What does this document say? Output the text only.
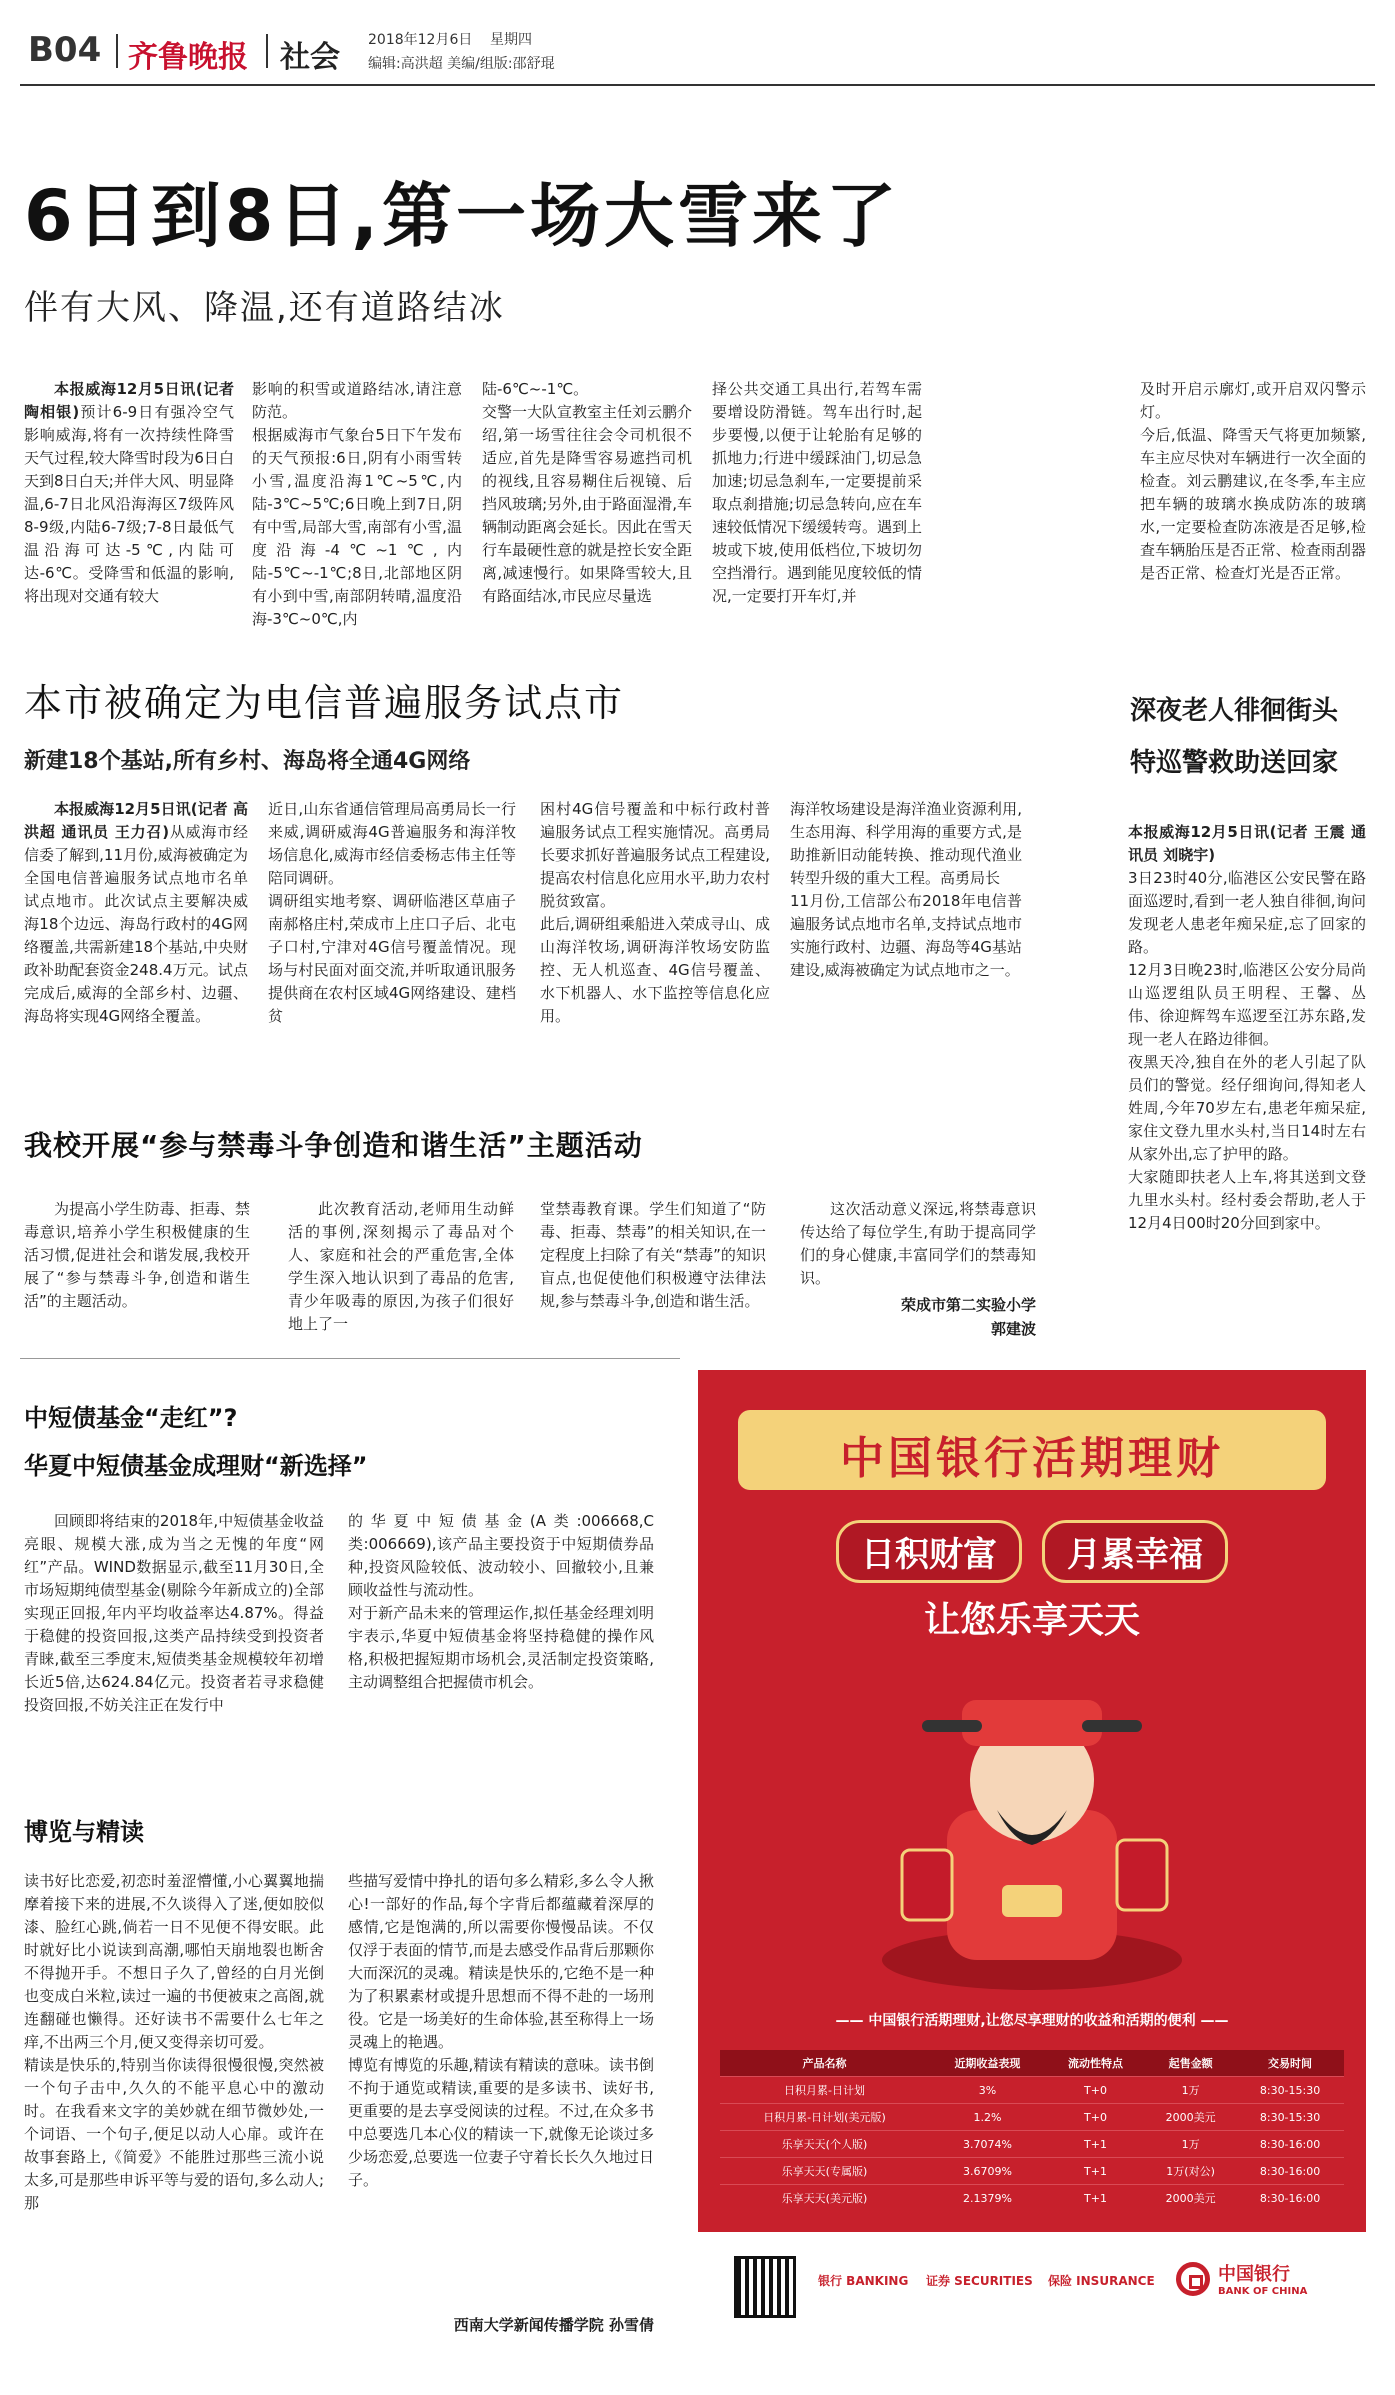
B04 齐鲁晚报 社会 2018年12月6日 星期四
编辑:高洪超 美编/组版:邵舒琨
6日到8日,第一场大雪来了
伴有大风、降温,还有道路结冰

本报威海12月5日讯(记者 陶相银)预计6-9日有强冷空气影响威海,将有一次持续性降雪天气过程,较大降雪时段为6日白天到8日白天;并伴大风、明显降温,6-7日北风沿海海区7级阵风8-9级,内陆6-7级;7-8日最低气温沿海可达-5℃,内陆可达-6℃。受降雪和低温的影响,将出现对交通有较大

影响的积雪或道路结冰,请注意防范。
根据威海市气象台5日下午发布的天气预报:6日,阴有小雨雪转小雪,温度沿海1℃~5℃,内陆-3℃~5℃;6日晚上到7日,阴有中雪,局部大雪,南部有小雪,温度沿海-4℃~1℃,内陆-5℃~-1℃;8日,北部地区阴有小到中雪,南部阴转晴,温度沿海-3℃~0℃,内
陆-6℃~-1℃。
交警一大队宣教室主任刘云鹏介绍,第一场雪往往会令司机很不适应,首先是降雪容易遮挡司机的视线,且容易糊住后视镜、后挡风玻璃;另外,由于路面湿滑,车辆制动距离会延长。因此在雪天行车最硬性意的就是控长安全距离,减速慢行。如果降雪较大,且有路面结冰,市民应尽量选
择公共交通工具出行,若驾车需要增设防滑链。驾车出行时,起步要慢,以便于让轮胎有足够的抓地力;行进中缓踩油门,切忌急加速;切忌急刹车,一定要提前采取点刹措施;切忌急转向,应在车速较低情况下缓缓转弯。遇到上坡或下坡,使用低档位,下坡切勿空挡滑行。遇到能见度较低的情况,一定要打开车灯,并
及时开启示廓灯,或开启双闪警示灯。
今后,低温、降雪天气将更加频繁,车主应尽快对车辆进行一次全面的检查。刘云鹏建议,在冬季,车主应把车辆的玻璃水换成防冻的玻璃水,一定要检查防冻液是否足够,检查车辆胎压是否正常、检查雨刮器是否正常、检查灯光是否正常。
本市被确定为电信普遍服务试点市
新建18个基站,所有乡村、海岛将全通4G网络

本报威海12月5日讯(记者 高洪超 通讯员 王力召)从威海市经信委了解到,11月份,威海被确定为全国电信普遍服务试点地市名单试点地市。此次试点主要解决威海18个边远、海岛行政村的4G网络覆盖,共需新建18个基站,中央财政补助配套资金248.4万元。试点完成后,威海的全部乡村、边疆、海岛将实现4G网络全覆盖。

近日,山东省通信管理局高勇局长一行来威,调研威海4G普遍服务和海洋牧场信息化,威海市经信委杨志伟主任等陪同调研。
调研组实地考察、调研临港区草庙子南郝格庄村,荣成市上庄口子后、北屯子口村,宁津对4G信号覆盖情况。现场与村民面对面交流,并听取通讯服务提供商在农村区域4G网络建设、建档贫
困村4G信号覆盖和中标行政村普遍服务试点工程实施情况。高勇局长要求抓好普遍服务试点工程建设,提高农村信息化应用水平,助力农村脱贫致富。
此后,调研组乘船进入荣成寻山、成山海洋牧场,调研海洋牧场安防监控、无人机巡查、4G信号覆盖、水下机器人、水下监控等信息化应用。
海洋牧场建设是海洋渔业资源利用,生态用海、科学用海的重要方式,是助推新旧动能转换、推动现代渔业转型升级的重大工程。高勇局长
11月份,工信部公布2018年电信普遍服务试点地市名单,支持试点地市实施行政村、边疆、海岛等4G基站建设,威海被确定为试点地市之一。
深夜老人徘徊街头
特巡警救助送回家

本报威海12月5日讯(记者 王震 通讯员 刘晓宇)
3日23时40分,临港区公安民警在路面巡逻时,看到一老人独自徘徊,询问发现老人患老年痴呆症,忘了回家的路。
12月3日晚23时,临港区公安分局尚山巡逻组队员王明程、王馨、丛伟、徐迎辉驾车巡逻至江苏东路,发现一老人在路边徘徊。
夜黑天冷,独自在外的老人引起了队员们的警觉。经仔细询问,得知老人姓周,今年70岁左右,患老年痴呆症,家住文登九里水头村,当日14时左右从家外出,忘了护甲的路。
大家随即扶老人上车,将其送到文登九里水头村。经村委会帮助,老人于12月4日00时20分回到家中。

我校开展“参与禁毒斗争创造和谐生活”主题活动

为提高小学生防毒、拒毒、禁毒意识,培养小学生积极健康的生活习惯,促进社会和谐发展,我校开展了“参与禁毒斗争,创造和谐生活”的主题活动。

此次教育活动,老师用生动鲜活的事例,深刻揭示了毒品对个人、家庭和社会的严重危害,全体学生深入地认识到了毒品的危害,青少年吸毒的原因,为孩子们很好地上了一

堂禁毒教育课。学生们知道了“防毒、拒毒、禁毒”的相关知识,在一定程度上扫除了有关“禁毒”的知识盲点,也促使他们积极遵守法律法规,参与禁毒斗争,创造和谐生活。

这次活动意义深远,将禁毒意识传达给了每位学生,有助于提高同学们的身心健康,丰富同学们的禁毒知识。

荣成市第二实验小学
郭建波
中短债基金“走红”?
华夏中短债基金成理财“新选择”

回顾即将结束的2018年,中短债基金收益亮眼、规模大涨,成为当之无愧的年度“网红”产品。WIND数据显示,截至11月30日,全市场短期纯债型基金(剔除今年新成立的)全部实现正回报,年内平均收益率达4.87%。得益于稳健的投资回报,这类产品持续受到投资者青睐,截至三季度末,短债类基金规模较年初增长近5倍,达624.84亿元。投资者若寻求稳健投资回报,不妨关注正在发行中

的华夏中短债基金(A类:006668,C类:006669),该产品主要投资于中短期债券品种,投资风险较低、波动较小、回撤较小,且兼顾收益性与流动性。
对于新产品未来的管理运作,拟任基金经理刘明宇表示,华夏中短债基金将坚持稳健的操作风格,积极把握短期市场机会,灵活制定投资策略,主动调整组合把握债市机会。
博览与精读
读书好比恋爱,初恋时羞涩懵懂,小心翼翼地揣摩着接下来的进展,不久谈得入了迷,便如胶似漆、脸红心跳,倘若一日不见便不得安眠。此时就好比小说读到高潮,哪怕天崩地裂也断舍不得抛开手。不想日子久了,曾经的白月光倒也变成白米粒,读过一遍的书便被束之高阁,就连翻碰也懒得。还好读书不需要什么七年之痒,不出两三个月,便又变得亲切可爱。
精读是快乐的,特别当你读得很慢很慢,突然被一个句子击中,久久的不能平息心中的激动时。在我看来文字的美妙就在细节微妙处,一个词语、一个句子,便足以动人心扉。或许在故事套路上,《简爱》不能胜过那些三流小说太多,可是那些申诉平等与爱的语句,多么动人;那
些描写爱情中挣扎的语句多么精彩,多么令人揪心!一部好的作品,每个字背后都蕴藏着深厚的感情,它是饱满的,所以需要你慢慢品读。不仅仅浮于表面的情节,而是去感受作品背后那颗你大而深沉的灵魂。精读是快乐的,它绝不是一种为了积累素材或提升思想而不得不赴的一场刑役。它是一场美好的生命体验,甚至称得上一场灵魂上的艳遇。
博览有博览的乐趣,精读有精读的意味。读书倒不拘于通览或精读,重要的是多读书、读好书,更重要的是去享受阅读的过程。不过,在众多书中总要选几本心仪的精读一下,就像无论谈过多少场恋爱,总要选一位妻子守着长长久久地过日子。
西南大学新闻传播学院 孙雪倩
中国银行活期理财
日积财富 月累幸福
让您乐享天天
—— 中国银行活期理财,让您尽享理财的收益和活期的便利 ——
产品名称	近期收益表现	流动性特点	起售金额	交易时间
日积月累-日计划	3%	T+0	1万	8:30-15:30
日积月累-日计划(美元版)	1.2%	T+0	2000美元	8:30-15:30
乐享天天(个人版)	3.7074%	T+1	1万	8:30-16:00
乐享天天(专属版)	3.6709%	T+1	1万(对公)	8:30-16:00
乐享天天(美元版)	2.1379%	T+1	2000美元	8:30-16:00
银行 BANKING 证券 SECURITIES 保险 INSURANCE	中国银行
BANK OF CHINA
